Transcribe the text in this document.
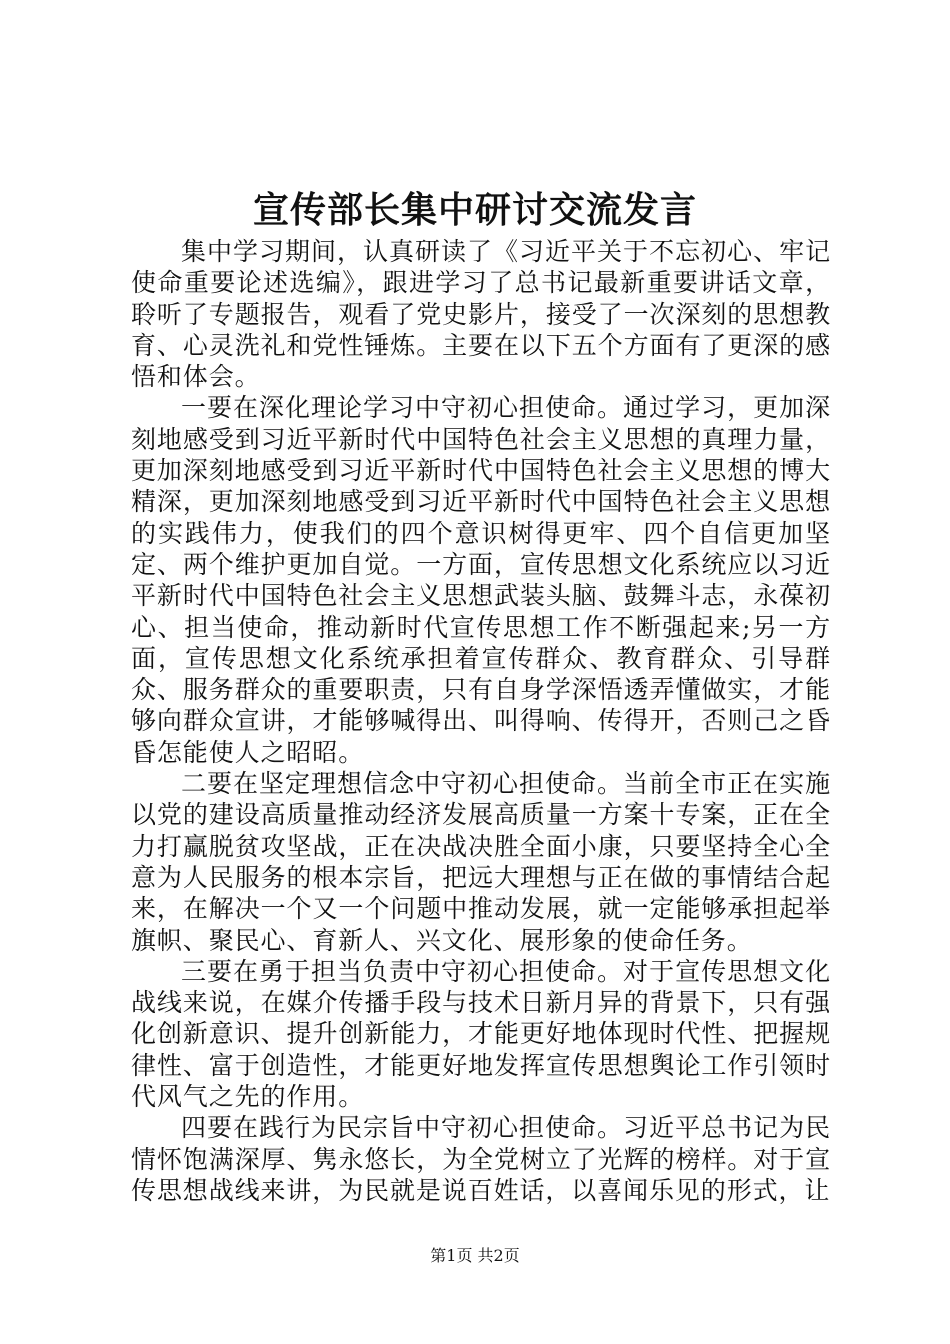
宣传部长集中研讨交流发言

集中学习期间，认真研读了《习近平关于不忘初心、牢记使命重要论述选编》，跟进学习了总书记最新重要讲话文章，聆听了专题报告，观看了党史影片，接受了一次深刻的思想教育、心灵洗礼和党性锤炼。主要在以下五个方面有了更深的感悟和体会。

一要在深化理论学习中守初心担使命。通过学习，更加深刻地感受到习近平新时代中国特色社会主义思想的真理力量，更加深刻地感受到习近平新时代中国特色社会主义思想的博大精深，更加深刻地感受到习近平新时代中国特色社会主义思想的实践伟力，使我们的四个意识树得更牢、四个自信更加坚定、两个维护更加自觉。一方面，宣传思想文化系统应以习近平新时代中国特色社会主义思想武装头脑、鼓舞斗志，永葆初心、担当使命，推动新时代宣传思想工作不断强起来;另一方面，宣传思想文化系统承担着宣传群众、教育群众、引导群众、服务群众的重要职责，只有自身学深悟透弄懂做实，才能够向群众宣讲，才能够喊得出、叫得响、传得开，否则己之昏昏怎能使人之昭昭。

二要在坚定理想信念中守初心担使命。当前全市正在实施以党的建设高质量推动经济发展高质量一方案十专案，正在全力打赢脱贫攻坚战，正在决战决胜全面小康，只要坚持全心全意为人民服务的根本宗旨，把远大理想与正在做的事情结合起来，在解决一个又一个问题中推动发展，就一定能够承担起举旗帜、聚民心、育新人、兴文化、展形象的使命任务。

三要在勇于担当负责中守初心担使命。对于宣传思想文化战线来说，在媒介传播手段与技术日新月异的背景下，只有强化创新意识、提升创新能力，才能更好地体现时代性、把握规律性、富于创造性，才能更好地发挥宣传思想舆论工作引领时代风气之先的作用。

四要在践行为民宗旨中守初心担使命。习近平总书记为民情怀饱满深厚、隽永悠长，为全党树立了光辉的榜样。对于宣传思想战线来讲，为民就是说百姓话，以喜闻乐见的形式，让

第1页 共2页
